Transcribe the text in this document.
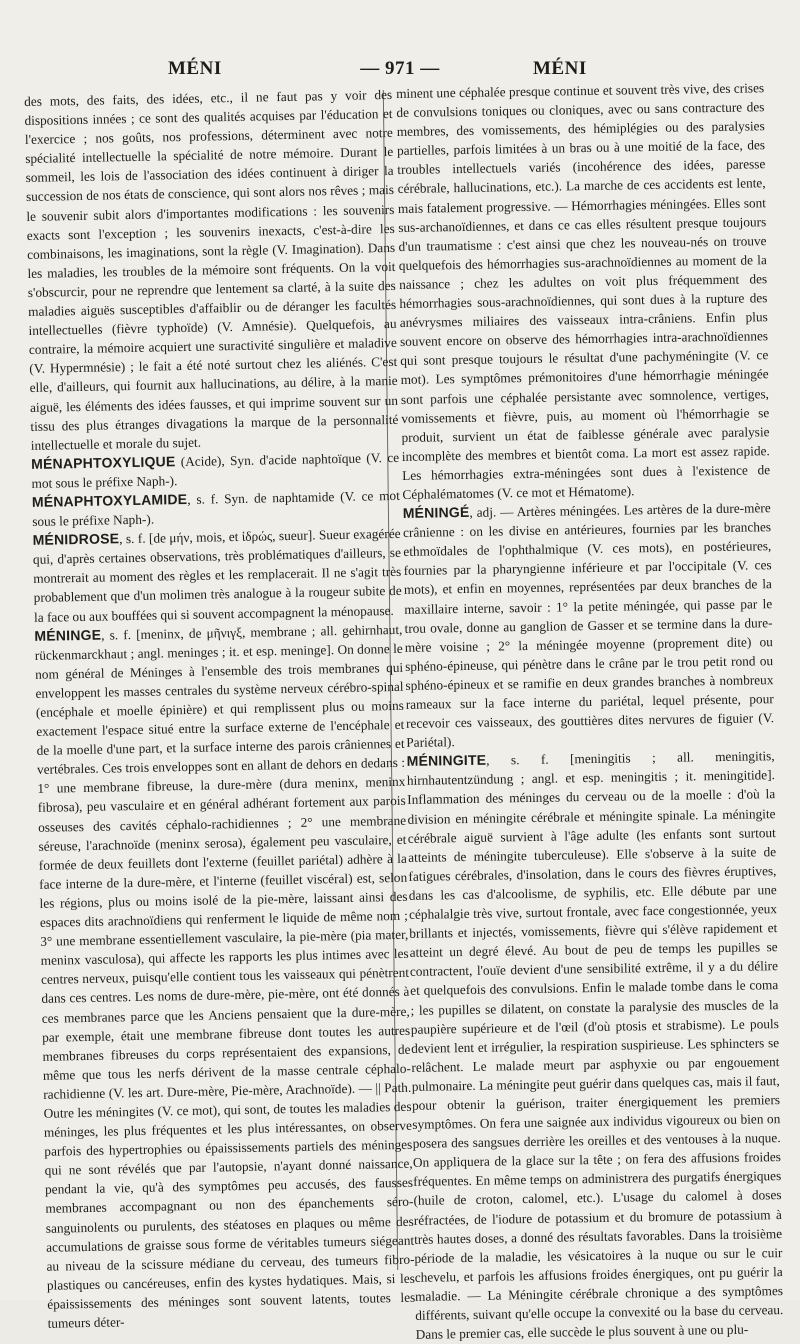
MÉNI	— 971 —	MÉNI

des mots, des faits, des idées, etc., il ne faut pas y voir des dispositions innées ; ce sont des qualités acquises par l'éducation et l'exercice ; nos goûts, nos professions, déterminent avec notre spécialité intellectuelle la spécialité de notre mémoire. Durant le sommeil, les lois de l'association des idées continuent à diriger la succession de nos états de conscience, qui sont alors nos rêves ; mais le souvenir subit alors d'importantes modifications : les souvenirs exacts sont l'exception ; les souvenirs inexacts, c'est-à-dire les combinaisons, les imaginations, sont la règle (V. Imagination). Dans les maladies, les troubles de la mémoire sont fréquents. On la voit s'obscurcir, pour ne reprendre que lentement sa clarté, à la suite des maladies aiguës susceptibles d'affaiblir ou de déranger les facultés intellectuelles (fièvre typhoïde) (V. Amnésie). Quelquefois, au contraire, la mémoire acquiert une suractivité singulière et maladive (V. Hypermnésie) ; le fait a été noté surtout chez les aliénés. C'est elle, d'ailleurs, qui fournit aux hallucinations, au délire, à la manie aiguë, les éléments des idées fausses, et qui imprime souvent sur un tissu des plus étranges divagations la marque de la personnalité intellectuelle et morale du sujet.

MÉNAPHTOXYLIQUE (Acide), Syn. d'acide naphtoïque (V. ce mot sous le préfixe Naph-).

MÉNAPHTOXYLAMIDE, s. f. Syn. de naphtamide (V. ce mot sous le préfixe Naph-).

MÉNIDROSE, s. f. [de μήν, mois, et ἱδρώς, sueur]. Sueur exagérée qui, d'après certaines observations, très problématiques d'ailleurs, se montrerait au moment des règles et les remplacerait. Il ne s'agit très probablement que d'un molimen très analogue à la rougeur subite de la face ou aux bouffées qui si souvent accompagnent la ménopause.

MÉNINGE, s. f. [meninx, de μῆνιγξ, membrane ; all. gehirnhaut, rückenmarckhaut ; angl. meninges ; it. et esp. meninge]. On donne le nom général de Méninges à l'ensemble des trois membranes qui enveloppent les masses centrales du système nerveux cérébro-spinal (encéphale et moelle épinière) et qui remplissent plus ou moins exactement l'espace situé entre la surface externe de l'encéphale et de la moelle d'une part, et la surface interne des parois crâniennes et vertébrales. Ces trois enveloppes sont en allant de dehors en dedans : 1° une membrane fibreuse, la dure-mère (dura meninx, meninx fibrosa), peu vasculaire et en général adhérant fortement aux parois osseuses des cavités céphalo-rachidiennes ; 2° une membrane séreuse, l'arachnoïde (meninx serosa), également peu vasculaire, et formée de deux feuillets dont l'externe (feuillet pariétal) adhère à la face interne de la dure-mère, et l'interne (feuillet viscéral) est, selon les régions, plus ou moins isolé de la pie-mère, laissant ainsi des espaces dits arachnoïdiens qui renferment le liquide de même nom ; 3° une membrane essentiellement vasculaire, la pie-mère (pia mater, meninx vasculosa), qui affecte les rapports les plus intimes avec les centres nerveux, puisqu'elle contient tous les vaisseaux qui pénètrent dans ces centres. Les noms de dure-mère, pie-mère, ont été donnés à ces membranes parce que les Anciens pensaient que la dure-mère, par exemple, était une membrane fibreuse dont toutes les autres membranes fibreuses du corps représentaient des expansions, de même que tous les nerfs dérivent de la masse centrale céphalo-rachidienne (V. les art. Dure-mère, Pie-mère, Arachnoïde). — || Path. Outre les méningites (V. ce mot), qui sont, de toutes les maladies des méninges, les plus fréquentes et les plus intéressantes, on observe parfois des hypertrophies ou épaississements partiels des méninges qui ne sont révélés que par l'autopsie, n'ayant donné naissance, pendant la vie, qu'à des symptômes peu accusés, des fausses membranes accompagnant ou non des épanchements séro-sanguinolents ou purulents, des stéatoses en plaques ou même des accumulations de graisse sous forme de véritables tumeurs siégeant au niveau de la scissure médiane du cerveau, des tumeurs fibro-plastiques ou cancéreuses, enfin des kystes hydatiques. Mais, si les épaississements des méninges sont souvent latents, toutes les tumeurs déter-

minent une céphalée presque continue et souvent très vive, des crises de convulsions toniques ou cloniques, avec ou sans contracture des membres, des vomissements, des hémiplégies ou des paralysies partielles, parfois limitées à un bras ou à une moitié de la face, des troubles intellectuels variés (incohérence des idées, paresse cérébrale, hallucinations, etc.). La marche de ces accidents est lente, mais fatalement progressive. — Hémorrhagies méningées. Elles sont sus-archanoïdiennes, et dans ce cas elles résultent presque toujours d'un traumatisme : c'est ainsi que chez les nouveau-nés on trouve quelquefois des hémorrhagies sus-arachnoïdiennes au moment de la naissance ; chez les adultes on voit plus fréquemment des hémorrhagies sous-arachnoïdiennes, qui sont dues à la rupture des anévrysmes miliaires des vaisseaux intra-crâniens. Enfin plus souvent encore on observe des hémorrhagies intra-arachnoïdiennes qui sont presque toujours le résultat d'une pachyméningite (V. ce mot). Les symptômes prémonitoires d'une hémorrhagie méningée sont parfois une céphalée persistante avec somnolence, vertiges, vomissements et fièvre, puis, au moment où l'hémorrhagie se produit, survient un état de faiblesse générale avec paralysie incomplète des membres et bientôt coma. La mort est assez rapide. Les hémorrhagies extra-méningées sont dues à l'existence de Céphalématomes (V. ce mot et Hématome).

MÉNINGÉ, adj. — Artères méningées. Les artères de la dure-mère crânienne : on les divise en antérieures, fournies par les branches ethmoïdales de l'ophthalmique (V. ces mots), en postérieures, fournies par la pharyngienne inférieure et par l'occipitale (V. ces mots), et enfin en moyennes, représentées par deux branches de la maxillaire interne, savoir : 1° la petite méningée, qui passe par le trou ovale, donne au ganglion de Gasser et se termine dans la dure-mère voisine ; 2° la méningée moyenne (proprement dite) ou sphéno-épineuse, qui pénètre dans le crâne par le trou petit rond ou sphéno-épineux et se ramifie en deux grandes branches à nombreux rameaux sur la face interne du pariétal, lequel présente, pour recevoir ces vaisseaux, des gouttières dites nervures de figuier (V. Pariétal).

MÉNINGITE, s. f. [meningitis ; all. meningitis, hirnhautentzündung ; angl. et esp. meningitis ; it. meningitide]. Inflammation des méninges du cerveau ou de la moelle : d'où la division en méningite cérébrale et méningite spinale. La méningite cérébrale aiguë survient à l'âge adulte (les enfants sont surtout atteints de méningite tuberculeuse). Elle s'observe à la suite de fatigues cérébrales, d'insolation, dans le cours des fièvres éruptives, dans les cas d'alcoolisme, de syphilis, etc. Elle débute par une céphalalgie très vive, surtout frontale, avec face congestionnée, yeux brillants et injectés, vomissements, fièvre qui s'élève rapidement et atteint un degré élevé. Au bout de peu de temps les pupilles se contractent, l'ouïe devient d'une sensibilité extrême, il y a du délire et quelquefois des convulsions. Enfin le malade tombe dans le coma ; les pupilles se dilatent, on constate la paralysie des muscles de la paupière supérieure et de l'œil (d'où ptosis et strabisme). Le pouls devient lent et irrégulier, la respiration suspirieuse. Les sphincters se relâchent. Le malade meurt par asphyxie ou par engouement pulmonaire. La méningite peut guérir dans quelques cas, mais il faut, pour obtenir la guérison, traiter énergiquement les premiers symptômes. On fera une saignée aux individus vigoureux ou bien on posera des sangsues derrière les oreilles et des ventouses à la nuque. On appliquera de la glace sur la tête ; on fera des affusions froides fréquentes. En même temps on administrera des purgatifs énergiques (huile de croton, calomel, etc.). L'usage du calomel à doses réfractées, de l'iodure de potassium et du bromure de potassium à très hautes doses, a donné des résultats favorables. Dans la troisième période de la maladie, les vésicatoires à la nuque ou sur le cuir chevelu, et parfois les affusions froides énergiques, ont pu guérir la maladie. — La Méningite cérébrale chronique a des symptômes différents, suivant qu'elle occupe la convexité ou la base du cerveau. Dans le premier cas, elle succède le plus souvent à une ou plu-
